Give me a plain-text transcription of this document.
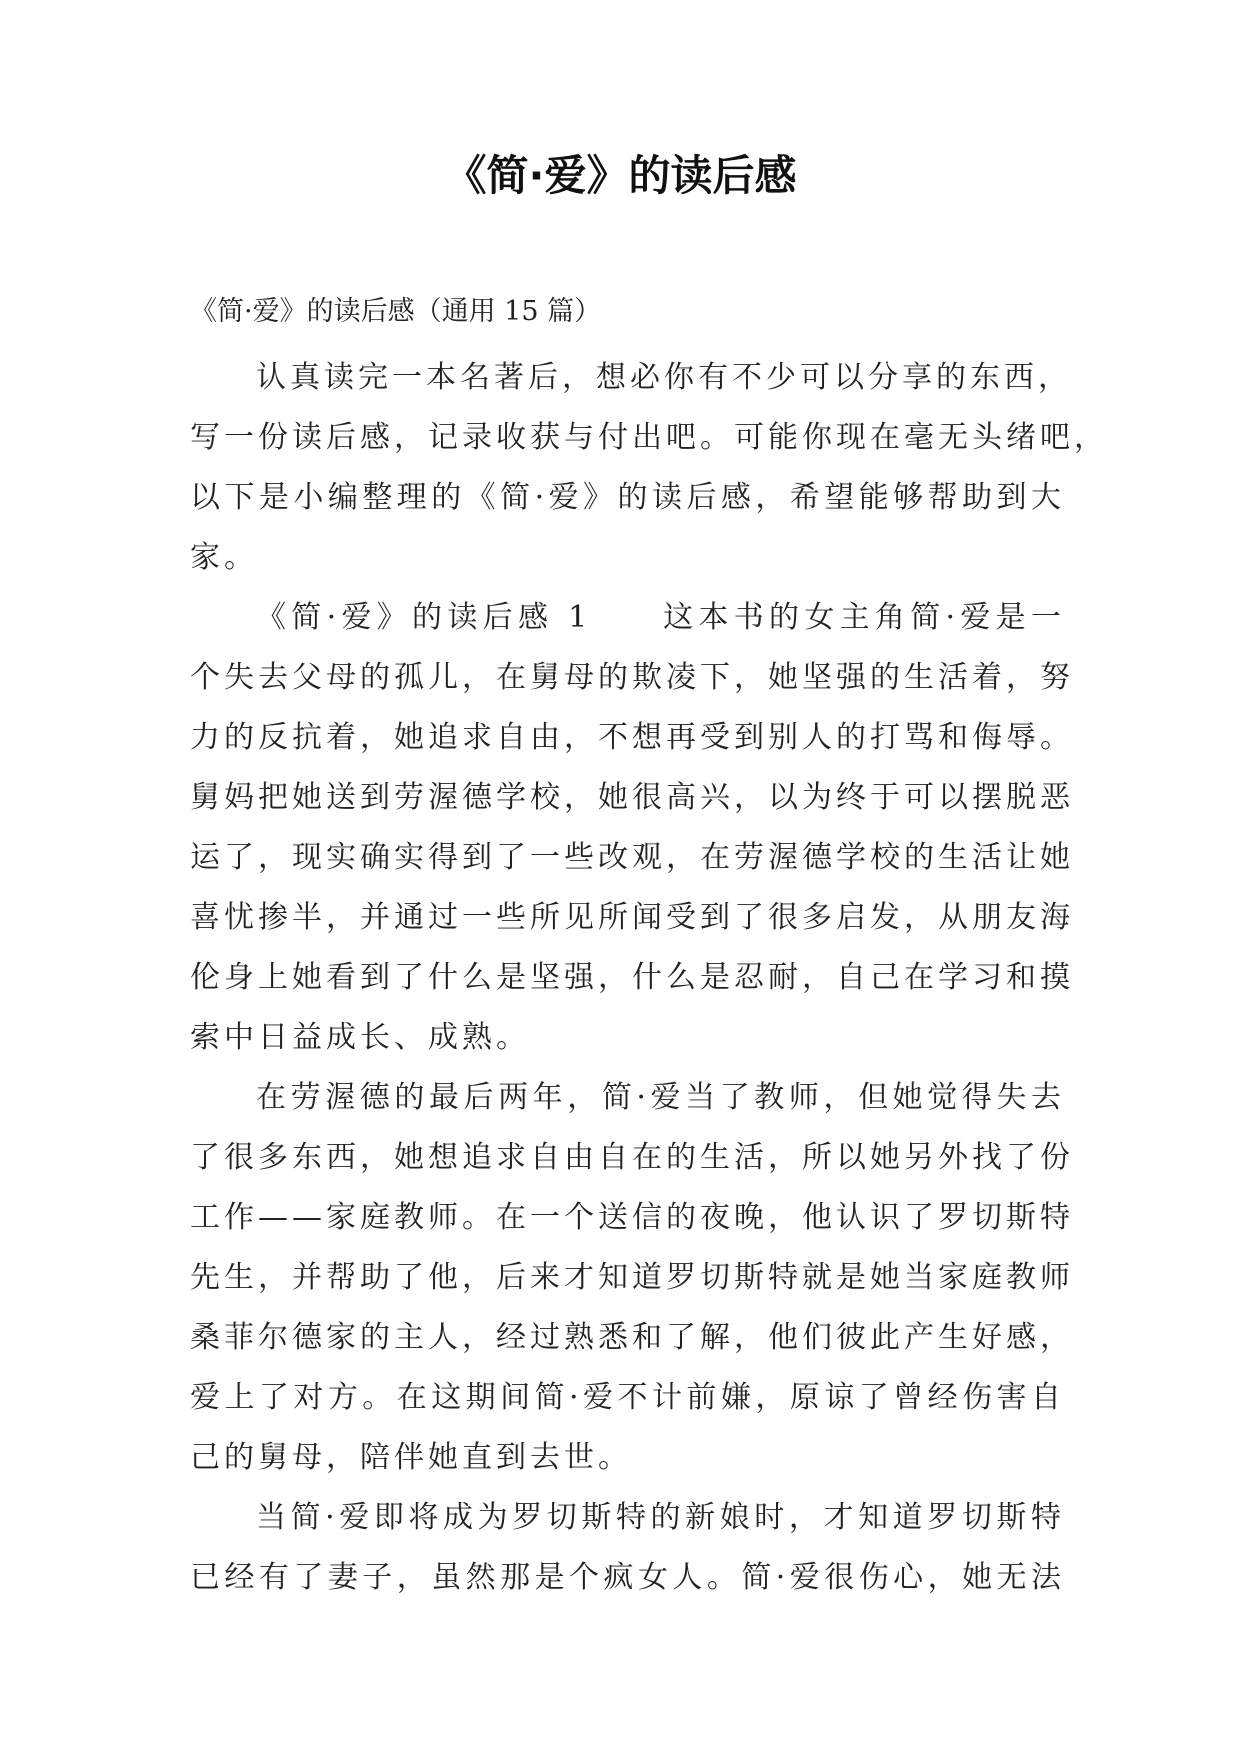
《简·爱》的读后感

《简·爱》的读后感（通用 15 篇）

认真读完一本名著后，想必你有不少可以分享的东西，
写一份读后感，记录收获与付出吧。可能你现在毫无头绪吧，
以下是小编整理的《简·爱》的读后感，希望能够帮助到大
家。
《简·爱》的读后感 1　　这本书的女主角简·爱是一
个失去父母的孤儿，在舅母的欺凌下，她坚强的生活着，努
力的反抗着，她追求自由，不想再受到别人的打骂和侮辱。
舅妈把她送到劳渥德学校，她很高兴，以为终于可以摆脱恶
运了，现实确实得到了一些改观，在劳渥德学校的生活让她
喜忧掺半，并通过一些所见所闻受到了很多启发，从朋友海
伦身上她看到了什么是坚强，什么是忍耐，自己在学习和摸
索中日益成长、成熟。
在劳渥德的最后两年，简·爱当了教师，但她觉得失去
了很多东西，她想追求自由自在的生活，所以她另外找了份
工作——家庭教师。在一个送信的夜晚，他认识了罗切斯特
先生，并帮助了他，后来才知道罗切斯特就是她当家庭教师
桑菲尔德家的主人，经过熟悉和了解，他们彼此产生好感，
爱上了对方。在这期间简·爱不计前嫌，原谅了曾经伤害自
己的舅母，陪伴她直到去世。
当简·爱即将成为罗切斯特的新娘时，才知道罗切斯特
已经有了妻子，虽然那是个疯女人。简·爱很伤心，她无法
